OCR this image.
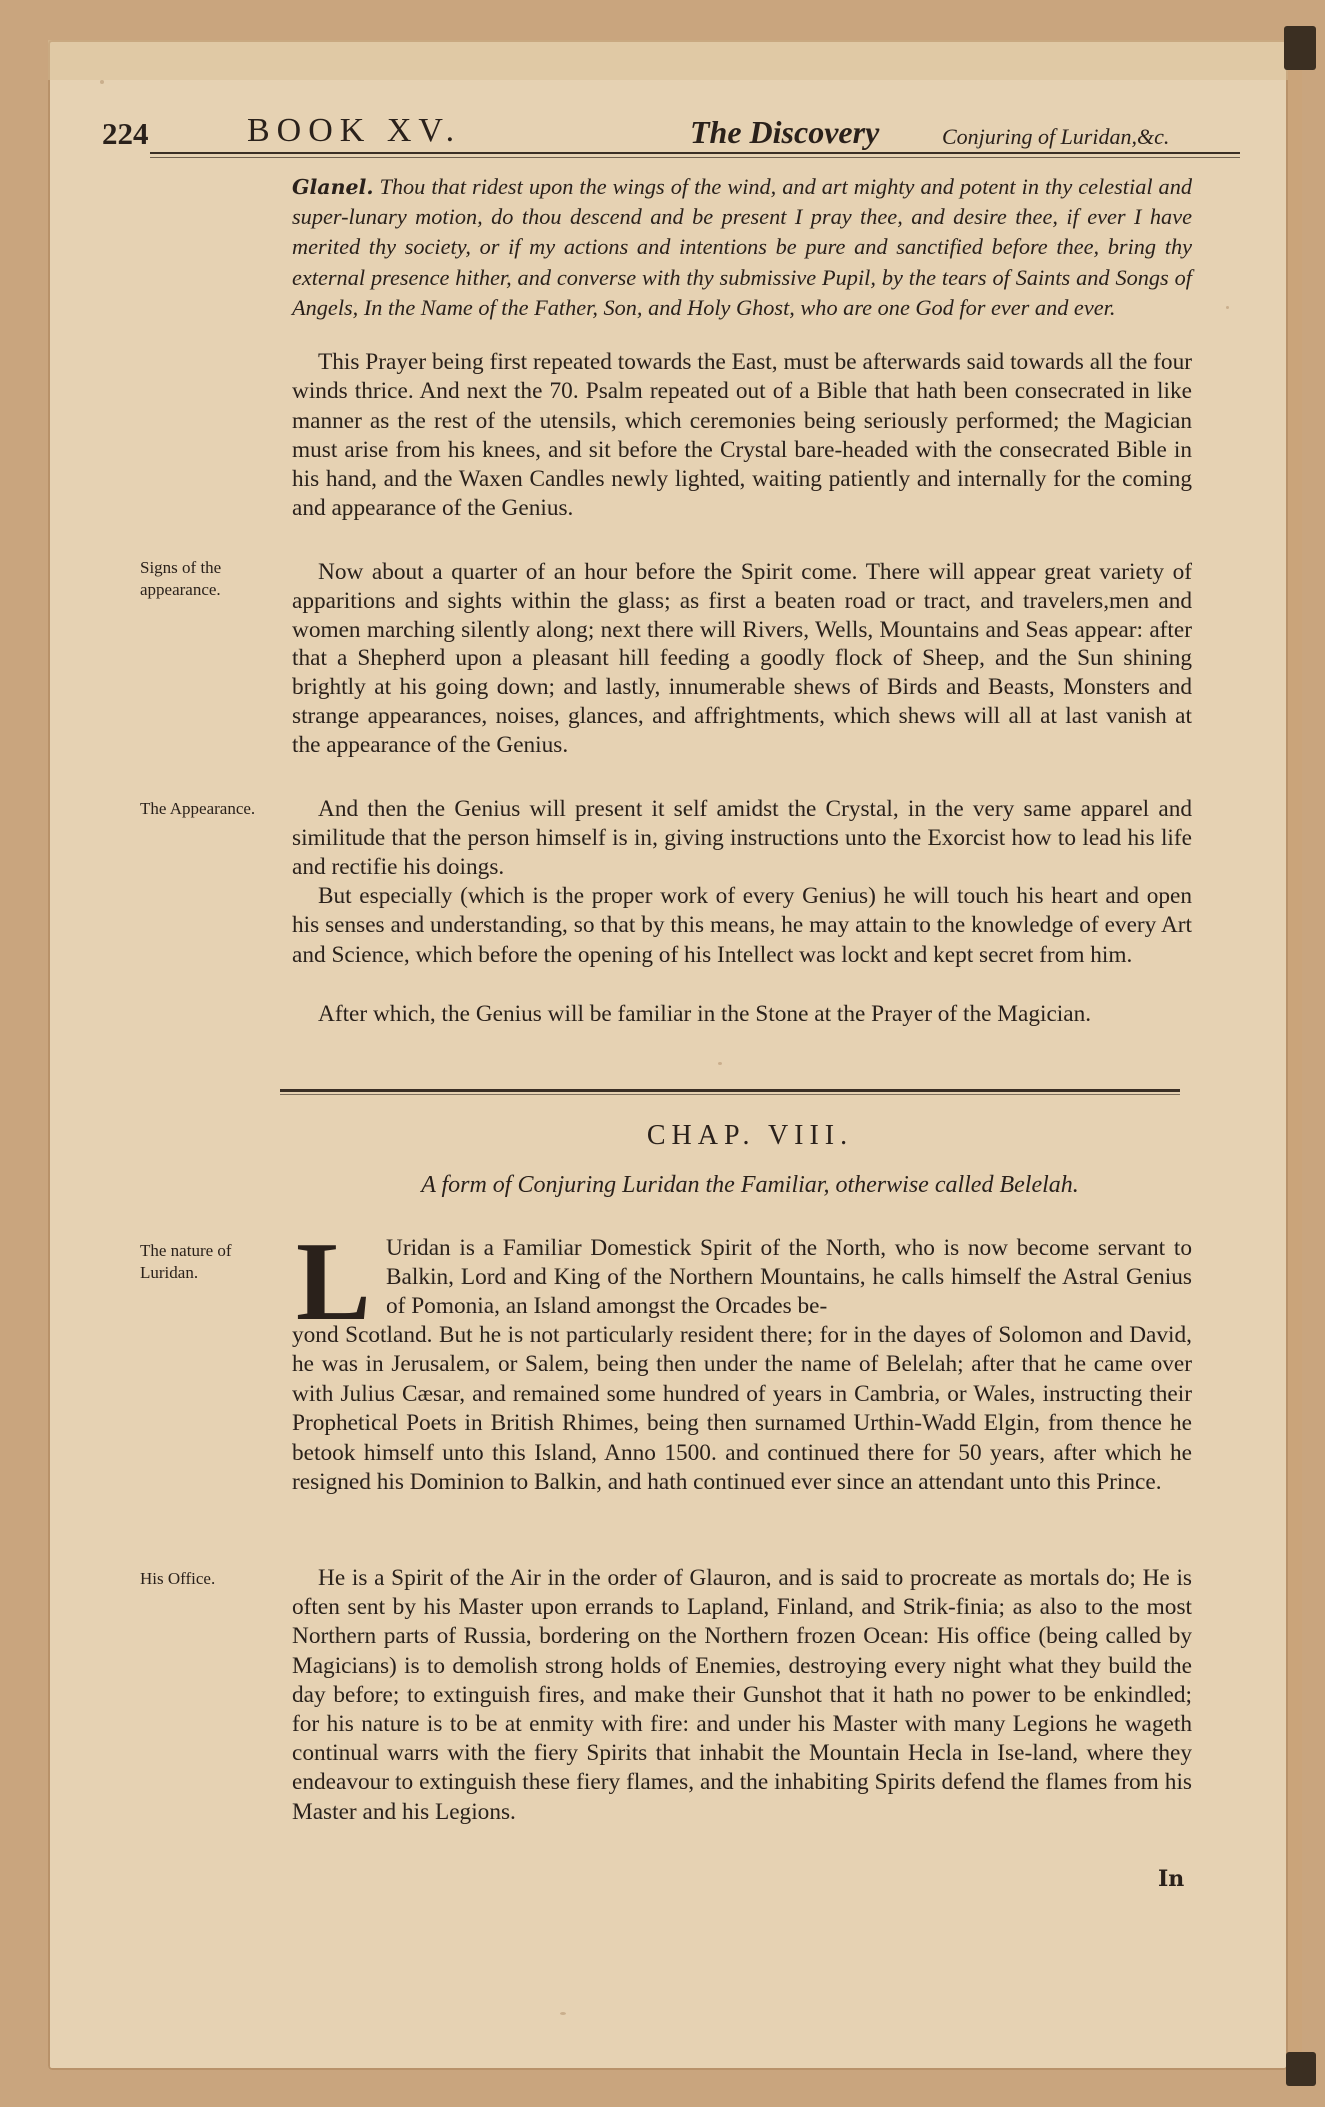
224	BOOK XV.	The Discovery	Conjuring of Luridan,&c.

Glanel. Thou that ridest upon the wings of the wind, and art mighty and potent in thy celestial and super-lunary motion, do thou descend and be present I pray thee, and desire thee, if ever I have merited thy society, or if my actions and intentions be pure and sanctified before thee, bring thy external presence hither, and converse with thy submissive Pupil, by the tears of Saints and Songs of Angels, In the Name of the Father, Son, and Holy Ghost, who are one God for ever and ever.

This Prayer being first repeated towards the East, must be afterwards said towards all the four winds thrice. And next the 70. Psalm repeated out of a Bible that hath been consecrated in like manner as the rest of the utensils, which ceremonies being seriously performed; the Magician must arise from his knees, and sit before the Crystal bare-headed with the consecrated Bible in his hand, and the Waxen Candles newly lighted, waiting patiently and internally for the coming and appearance of the Genius.

Signs of the appearance.

Now about a quarter of an hour before the Spirit come. There will appear great variety of apparitions and sights within the glass; as first a beaten road or tract, and travelers,men and women marching silently along; next there will Rivers, Wells, Mountains and Seas appear: after that a Shepherd upon a pleasant hill feeding a goodly flock of Sheep, and the Sun shining brightly at his going down; and lastly, innumerable shews of Birds and Beasts, Monsters and strange appearances, noises, glances, and affrightments, which shews will all at last vanish at the appearance of the Genius.

The Appearance.	And then the Genius will present it self amidst the Crystal, in the very same apparel and similitude that the person himself is in, giving instructions unto the Exorcist how to lead his life and rectifie his doings.

But especially (which is the proper work of every Genius) he will touch his heart and open his senses and understanding, so that by this means, he may attain to the knowledge of every Art and Science, which before the opening of his Intellect was lockt and kept secret from him.

After which, the Genius will be familiar in the Stone at the Prayer of the Magician.

CHAP. VIII.
A form of Conjuring Luridan the Familiar, otherwise called Belelah.
The nature of Luridan. L Uridan is a Familiar Domestick Spirit of the North, who is now become servant to Balkin, Lord and King of the Northern Mountains, he calls himself the Astral Genius of Pomonia, an Island amongst the Orcades be-

yond Scotland. But he is not particularly resident there; for in the dayes of Solomon and David, he was in Jerusalem, or Salem, being then under the name of Belelah; after that he came over with Julius Cæsar, and remained some hundred of years in Cambria, or Wales, instructing their Prophetical Poets in British Rhimes, being then surnamed Urthin-Wadd Elgin, from thence he betook himself unto this Island, Anno 1500. and continued there for 50 years, after which he resigned his Dominion to Balkin, and hath continued ever since an attendant unto this Prince.

His Office.	He is a Spirit of the Air in the order of Glauron, and is said to procreate as mortals do; He is often sent by his Master upon errands to Lapland, Finland, and Strik-finia; as also to the most Northern parts of Russia, bordering on the Northern frozen Ocean: His office (being called by Magicians) is to demolish strong holds of Enemies, destroying every night what they build the day before; to extinguish fires, and make their Gunshot that it hath no power to be enkindled; for his nature is to be at enmity with fire: and under his Master with many Legions he wageth continual warrs with the fiery Spirits that inhabit the Mountain Hecla in Ise-land, where they endeavour to extinguish these fiery flames, and the inhabiting Spirits defend the flames from his Master and his Legions.

In
